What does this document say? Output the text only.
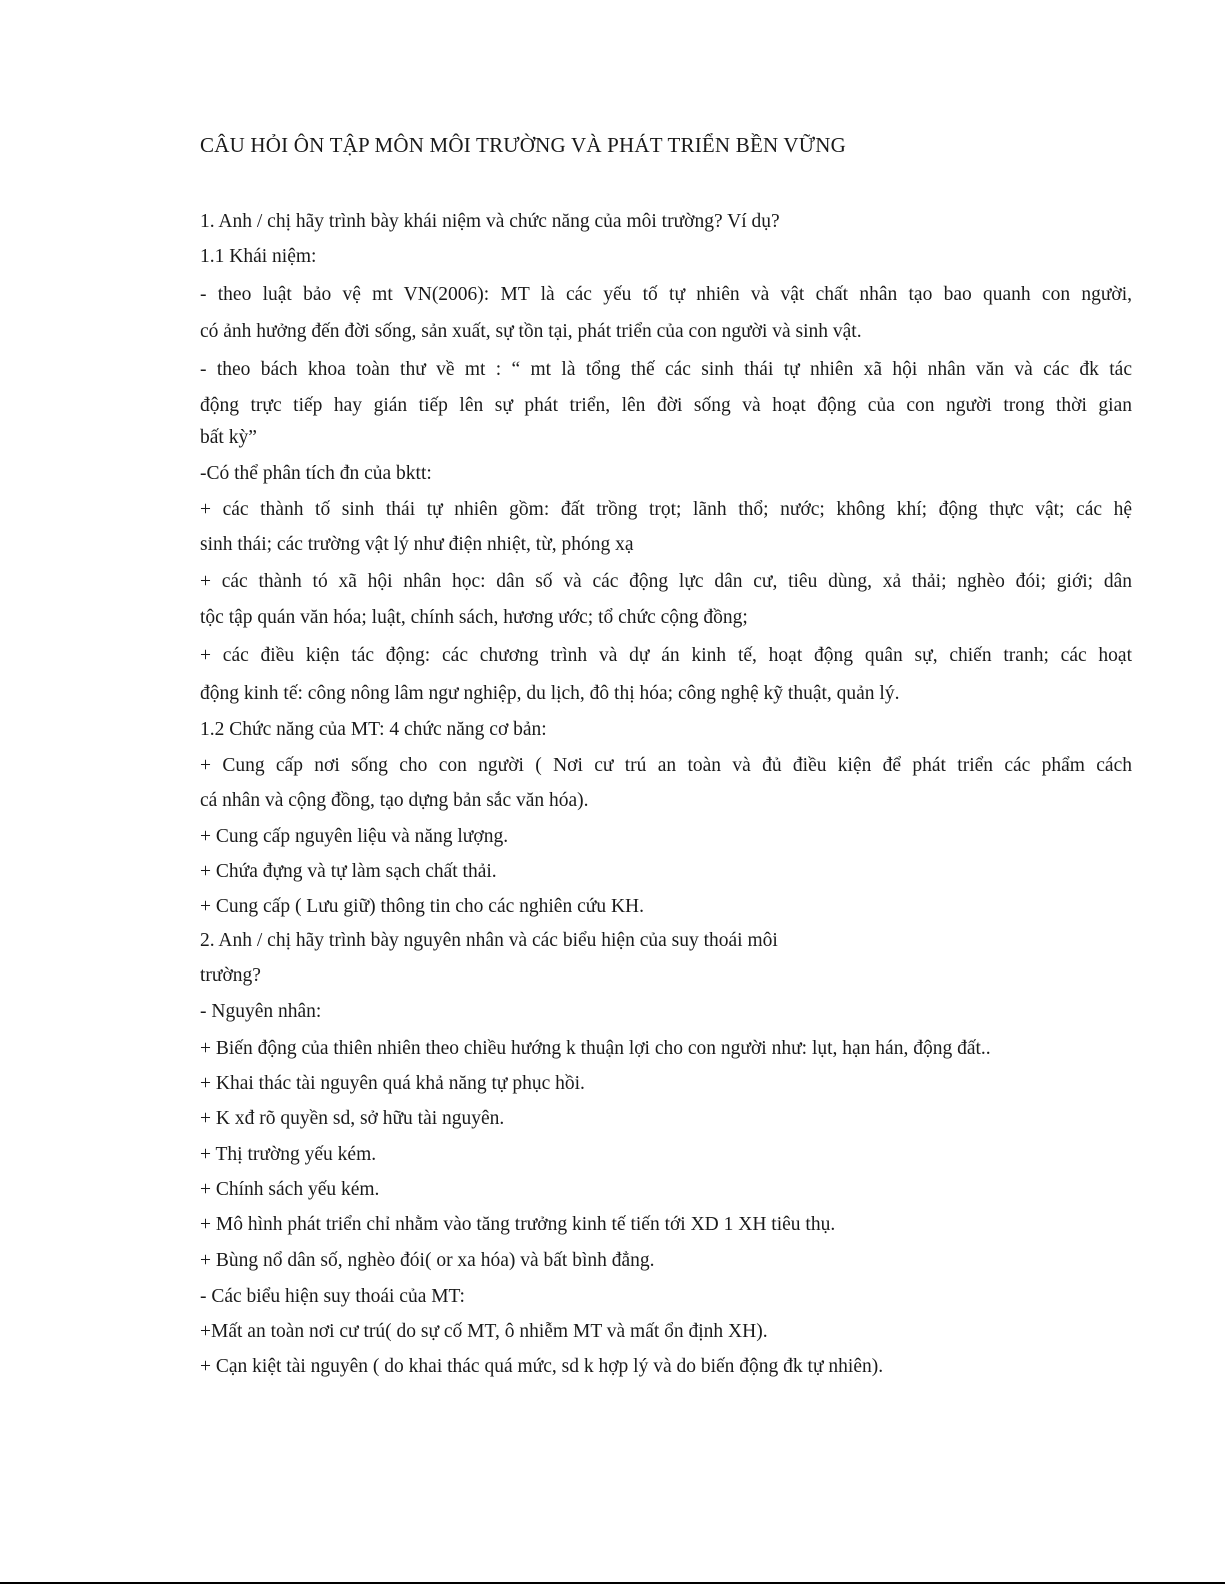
CÂU HỎI ÔN TẬP MÔN MÔI TRƯỜNG VÀ PHÁT TRIỂN BỀN VỮNG
1. Anh / chị hãy trình bày khái niệm và chức năng của môi trường? Ví dụ?
1.1 Khái niệm:
- theo luật bảo vệ mt VN(2006): MT là các yếu tố tự nhiên và vật chất nhân tạo bao quanh con người,
có ảnh hưởng đến đời sống, sản xuất, sự tồn tại, phát triển của con người và sinh vật.
- theo bách khoa toàn thư về mt : “ mt là tổng thế các sinh thái tự nhiên xã hội nhân văn và các đk tác
động trực tiếp hay gián tiếp lên sự phát triển, lên đời sống và hoạt động của con người trong thời gian
bất kỳ”
-Có thể phân tích đn của bktt:
+ các thành tố sinh thái tự nhiên gồm: đất trồng trọt; lãnh thổ; nước; không khí; động thực vật; các hệ
sinh thái; các trường vật lý như điện nhiệt, từ, phóng xạ
+ các thành tó xã hội nhân học: dân số và các động lực dân cư, tiêu dùng, xả thải; nghèo đói; giới; dân
tộc tập quán văn hóa; luật, chính sách, hương ước; tổ chức cộng đồng;
+ các điều kiện tác động: các chương trình và dự án kinh tế, hoạt động quân sự, chiến tranh; các hoạt
động kinh tế: công nông lâm ngư nghiệp, du lịch, đô thị hóa; công nghệ kỹ thuật, quản lý.
1.2 Chức năng của MT: 4 chức năng cơ bản:
+ Cung cấp nơi sống cho con người ( Nơi cư trú an toàn và đủ điều kiện để phát triển các phẩm cách
cá nhân và cộng đồng, tạo dựng bản sắc văn hóa).
+ Cung cấp nguyên liệu và năng lượng.
+ Chứa đựng và tự làm sạch chất thải.
+ Cung cấp ( Lưu giữ) thông tin cho các nghiên cứu KH.
2. Anh / chị hãy trình bày nguyên nhân và các biểu hiện của suy thoái môi
trường?
- Nguyên nhân:
+ Biến động của thiên nhiên theo chiều hướng k thuận lợi cho con người như: lụt, hạn hán, động đất..
+ Khai thác tài nguyên quá khả năng tự phục hồi.
+ K xđ rõ quyền sd, sở hữu tài nguyên.
+ Thị trường yếu kém.
+ Chính sách yếu kém.
+ Mô hình phát triển chỉ nhằm vào tăng trưởng kinh tế tiến tới XD 1 XH tiêu thụ.
+ Bùng nổ dân số, nghèo đói( or xa hóa) và bất bình đẳng.
- Các biểu hiện suy thoái của MT:
+Mất an toàn nơi cư trú( do sự cố MT, ô nhiễm MT và mất ổn định XH).
+ Cạn kiệt tài nguyên ( do khai thác quá mức, sd k hợp lý và do biến động đk tự nhiên).
